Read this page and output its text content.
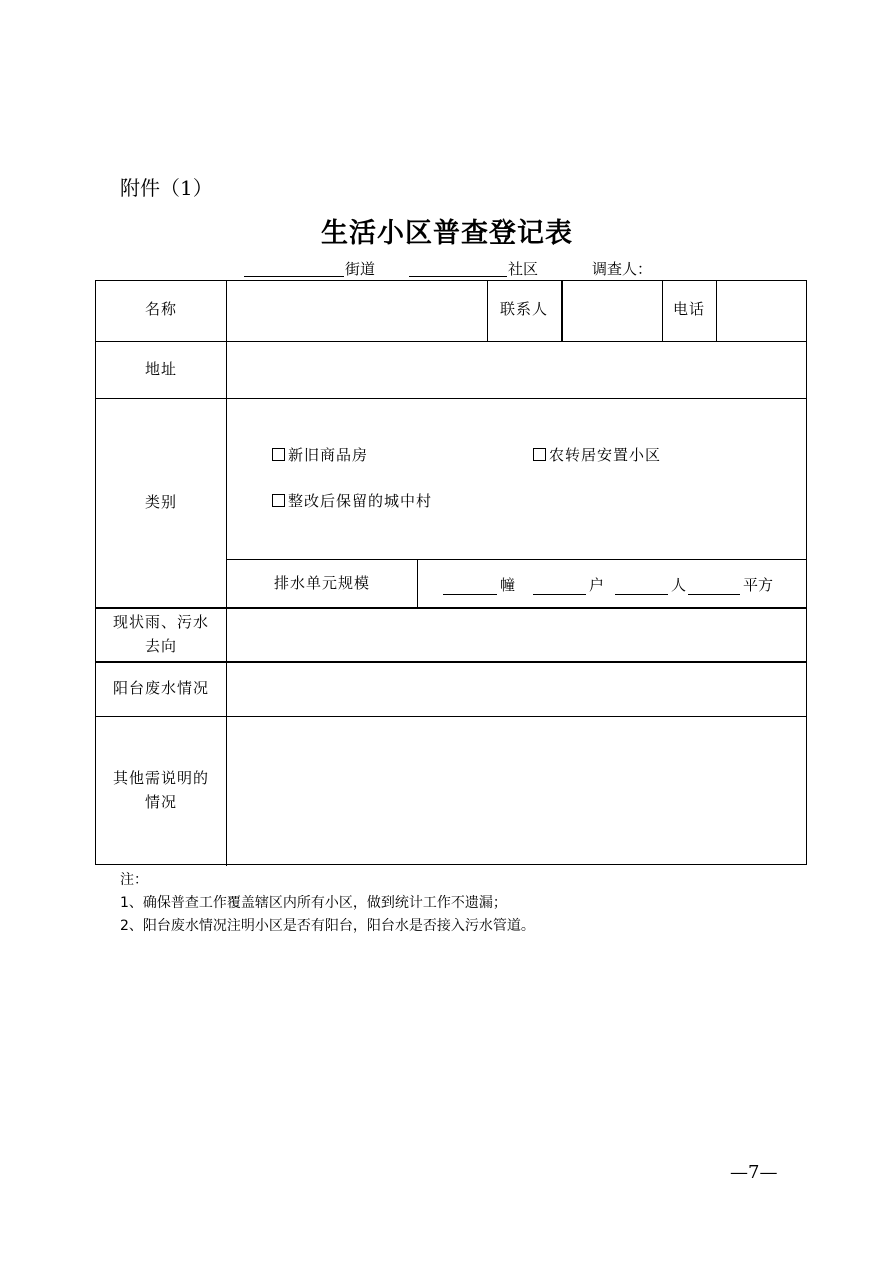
附件（1）
生活小区普查登记表
街道	社区	调查人：
名称	联系人	电话
地址
类别
新旧商品房	农转居安置小区
整改后保留的城中村
排水单元规模	幢	户	人	平方
现状雨、污水
去向
阳台废水情况
其他需说明的
情况
注：
1、确保普查工作覆盖辖区内所有小区，做到统计工作不遗漏；
2、阳台废水情况注明小区是否有阳台，阳台水是否接入污水管道。
—7—
